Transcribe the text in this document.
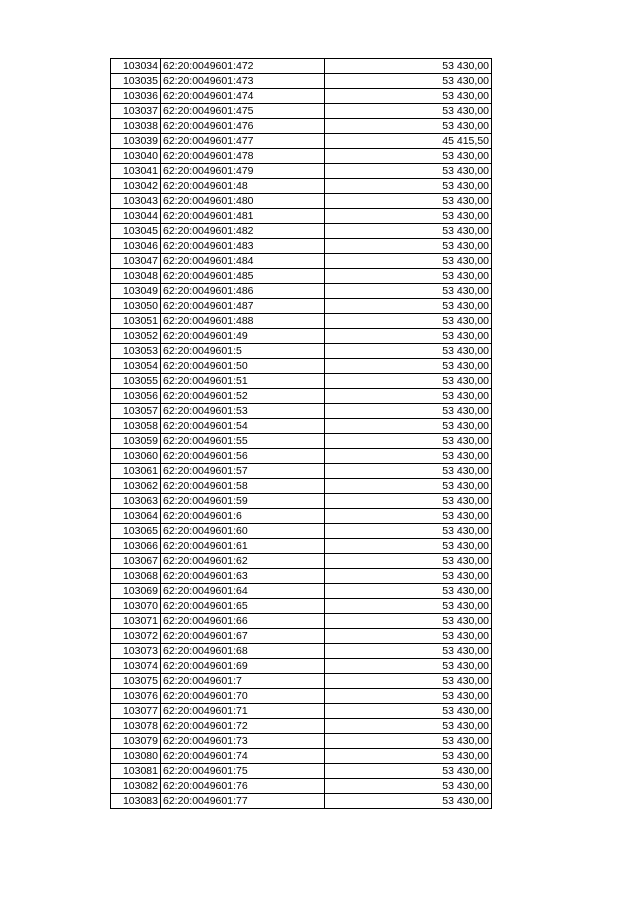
103034	62:20:0049601:472	53 430,00
103035	62:20:0049601:473	53 430,00
103036	62:20:0049601:474	53 430,00
103037	62:20:0049601:475	53 430,00
103038	62:20:0049601:476	53 430,00
103039	62:20:0049601:477	45 415,50
103040	62:20:0049601:478	53 430,00
103041	62:20:0049601:479	53 430,00
103042	62:20:0049601:48	53 430,00
103043	62:20:0049601:480	53 430,00
103044	62:20:0049601:481	53 430,00
103045	62:20:0049601:482	53 430,00
103046	62:20:0049601:483	53 430,00
103047	62:20:0049601:484	53 430,00
103048	62:20:0049601:485	53 430,00
103049	62:20:0049601:486	53 430,00
103050	62:20:0049601:487	53 430,00
103051	62:20:0049601:488	53 430,00
103052	62:20:0049601:49	53 430,00
103053	62:20:0049601:5	53 430,00
103054	62:20:0049601:50	53 430,00
103055	62:20:0049601:51	53 430,00
103056	62:20:0049601:52	53 430,00
103057	62:20:0049601:53	53 430,00
103058	62:20:0049601:54	53 430,00
103059	62:20:0049601:55	53 430,00
103060	62:20:0049601:56	53 430,00
103061	62:20:0049601:57	53 430,00
103062	62:20:0049601:58	53 430,00
103063	62:20:0049601:59	53 430,00
103064	62:20:0049601:6	53 430,00
103065	62:20:0049601:60	53 430,00
103066	62:20:0049601:61	53 430,00
103067	62:20:0049601:62	53 430,00
103068	62:20:0049601:63	53 430,00
103069	62:20:0049601:64	53 430,00
103070	62:20:0049601:65	53 430,00
103071	62:20:0049601:66	53 430,00
103072	62:20:0049601:67	53 430,00
103073	62:20:0049601:68	53 430,00
103074	62:20:0049601:69	53 430,00
103075	62:20:0049601:7	53 430,00
103076	62:20:0049601:70	53 430,00
103077	62:20:0049601:71	53 430,00
103078	62:20:0049601:72	53 430,00
103079	62:20:0049601:73	53 430,00
103080	62:20:0049601:74	53 430,00
103081	62:20:0049601:75	53 430,00
103082	62:20:0049601:76	53 430,00
103083	62:20:0049601:77	53 430,00
